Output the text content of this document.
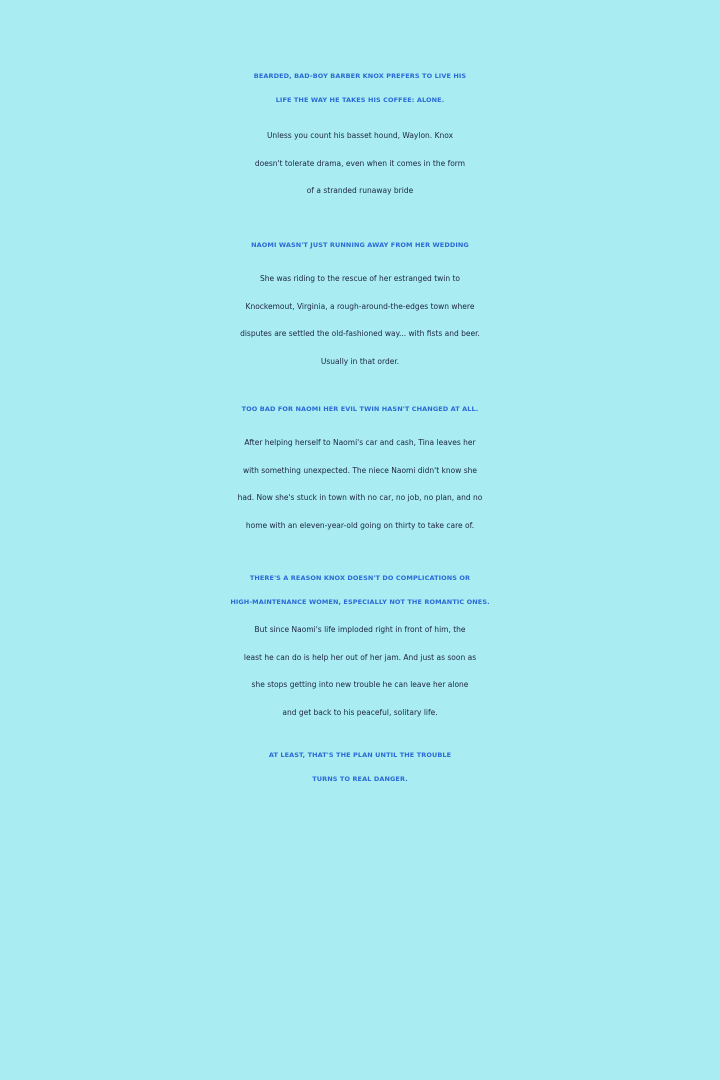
BEARDED, BAD-BOY BARBER KNOX PREFERS TO LIVE HIS
LIFE THE WAY HE TAKES HIS COFFEE: ALONE.

Unless you count his basset hound, Waylon. Knox
doesn't tolerate drama, even when it comes in the form
of a stranded runaway bride

NAOMI WASN'T JUST RUNNING AWAY FROM HER WEDDING

She was riding to the rescue of her estranged twin to
Knockemout, Virginia, a rough-around-the-edges town where
disputes are settled the old-fashioned way... with fists and beer.
Usually in that order.

TOO BAD FOR NAOMI HER EVIL TWIN HASN'T CHANGED AT ALL.

After helping herself to Naomi's car and cash, Tina leaves her
with something unexpected. The niece Naomi didn't know she
had. Now she's stuck in town with no car, no job, no plan, and no
home with an eleven-year-old going on thirty to take care of.

THERE'S A REASON KNOX DOESN'T DO COMPLICATIONS OR
HIGH-MAINTENANCE WOMEN, ESPECIALLY NOT THE ROMANTIC ONES.

But since Naomi's life imploded right in front of him, the
least he can do is help her out of her jam. And just as soon as
she stops getting into new trouble he can leave her alone
and get back to his peaceful, solitary life.

AT LEAST, THAT'S THE PLAN UNTIL THE TROUBLE
TURNS TO REAL DANGER.
